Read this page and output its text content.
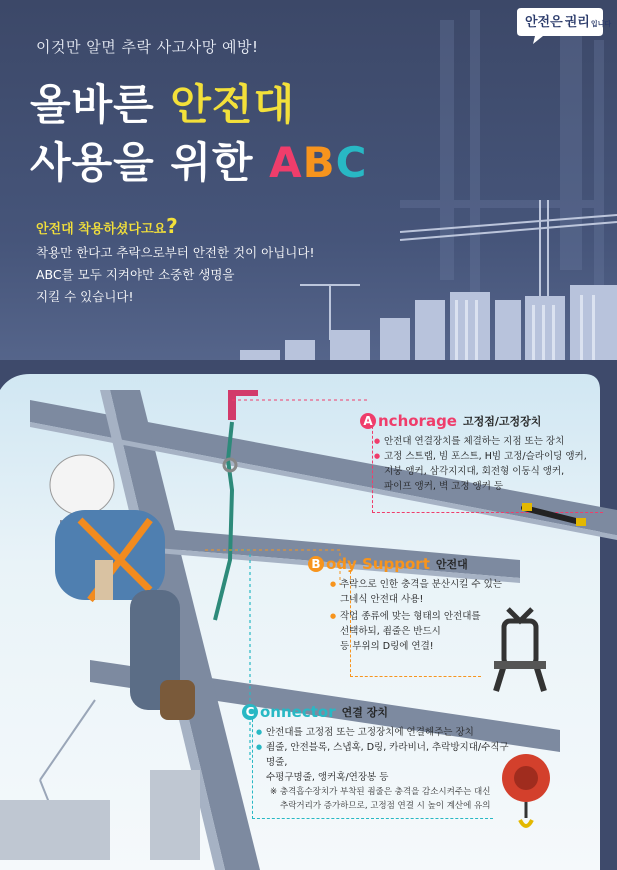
안전은 권리입니다
이것만 알면 추락 사고사망 예방!
올바른 안전대
사용을 위한 ABC
안전대 착용하셨다고요?
착용만 한다고 추락으로부터 안전한 것이 아닙니다!
ABC를 모두 지켜야만 소중한 생명을
지킬 수 있습니다!
A nchorage 고정점/고정장치
● 안전대 연결장치를 체결하는 지점 또는 장치
● 고정 스트랩, 빔 포스트, H빔 고정/슬라이딩 앵커,
지붕 앵커, 삼각지지대, 회전형 이동식 앵커,
파이프 앵커, 벽 고정 앵커 등
B ody Support 안전대
● 추락으로 인한 충격을 분산시킬 수 있는
그네식 안전대 사용!
● 작업 종류에 맞는 형태의 안전대를
선택하되, 죔줄은 반드시
등 부위의 D링에 연결!
C onnector 연결 장치
● 안전대를 고정점 또는 고정장치에 연결해주는 장치
● 죔줄, 안전블록, 스냅훅, D링, 카라비너, 추락방지대/수직구명줄,
수평구명줄, 앵커훅/연장봉 등
※ 충격흡수장치가 부착된 죔줄은 충격을 감소시켜주는 대신
추락거리가 증가하므로, 고정점 연결 시 높이 계산에 유의
